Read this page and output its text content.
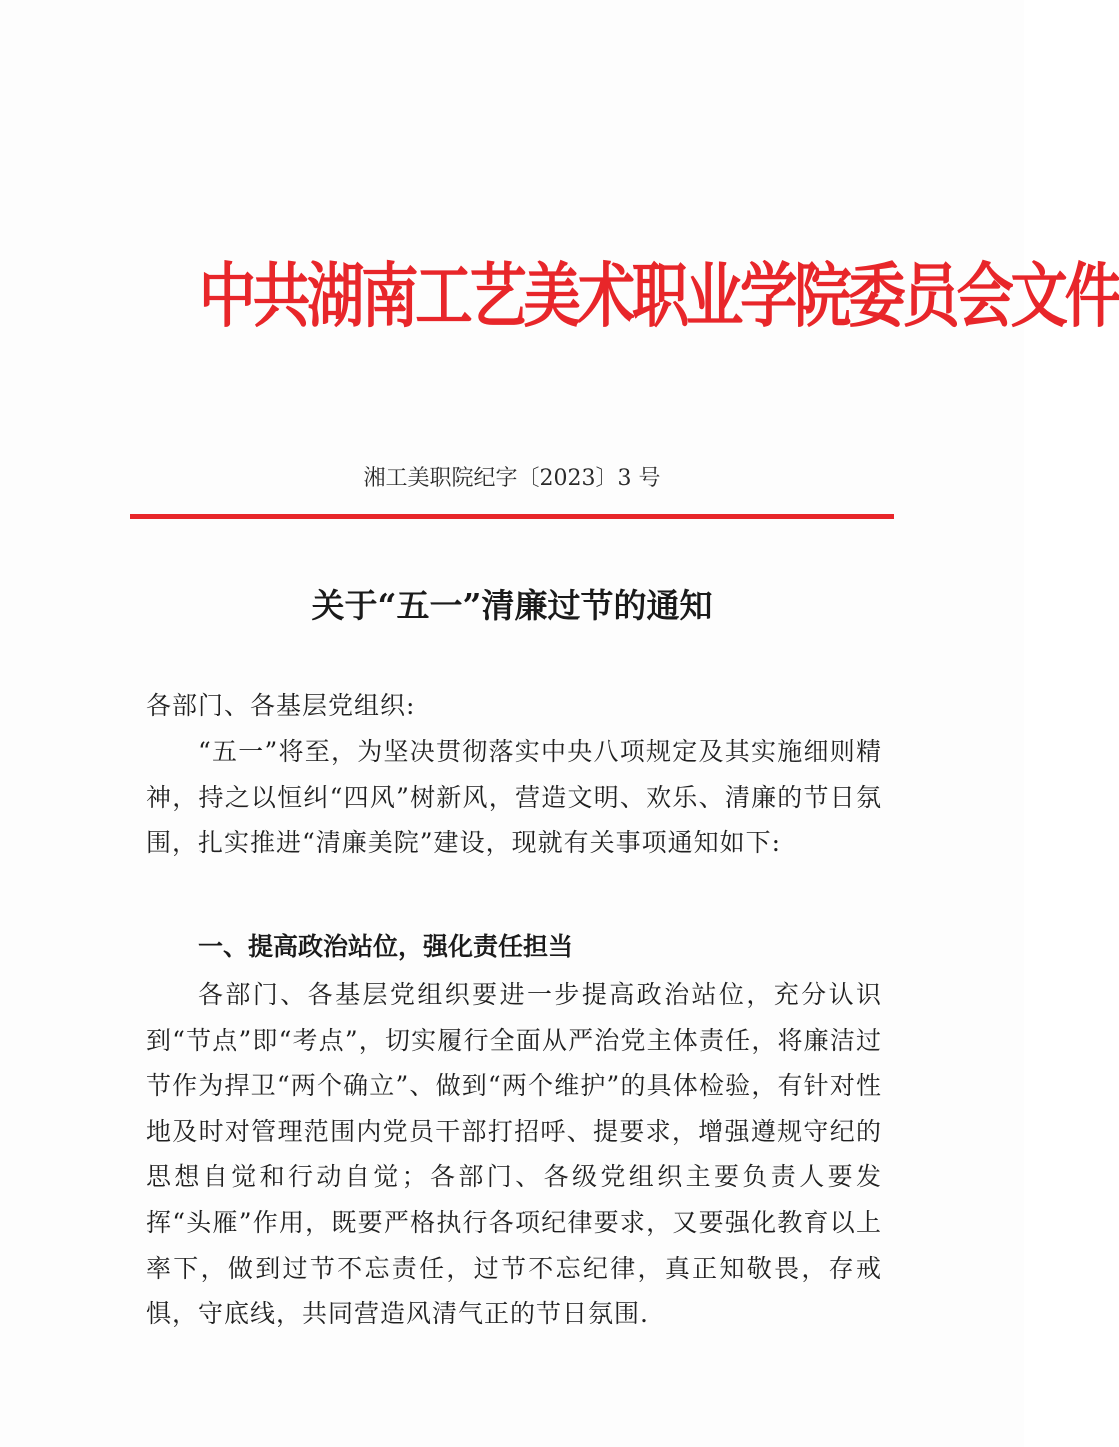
中共湖南工艺美术职业学院委员会文件
湘工美职院纪字〔2023〕3 号
关于“五一”清廉过节的通知
各部门、各基层党组织:
“五一”将至，为坚决贯彻落实中央八项规定及其实施细则精神，持之以恒纠“四风”树新风，营造文明、欢乐、清廉的节日氛围，扎实推进“清廉美院”建设，现就有关事项通知如下:
一、提高政治站位，强化责任担当
各部门、各基层党组织要进一步提高政治站位，充分认识到“节点”即“考点”，切实履行全面从严治党主体责任，将廉洁过节作为捍卫“两个确立”、做到“两个维护”的具体检验，有针对性地及时对管理范围内党员干部打招呼、提要求，增强遵规守纪的思想自觉和行动自觉；各部门、各级党组织主要负责人要发挥“头雁”作用，既要严格执行各项纪律要求，又要强化教育以上率下，做到过节不忘责任，过节不忘纪律，真正知敬畏，存戒惧，守底线，共同营造风清气正的节日氛围.
